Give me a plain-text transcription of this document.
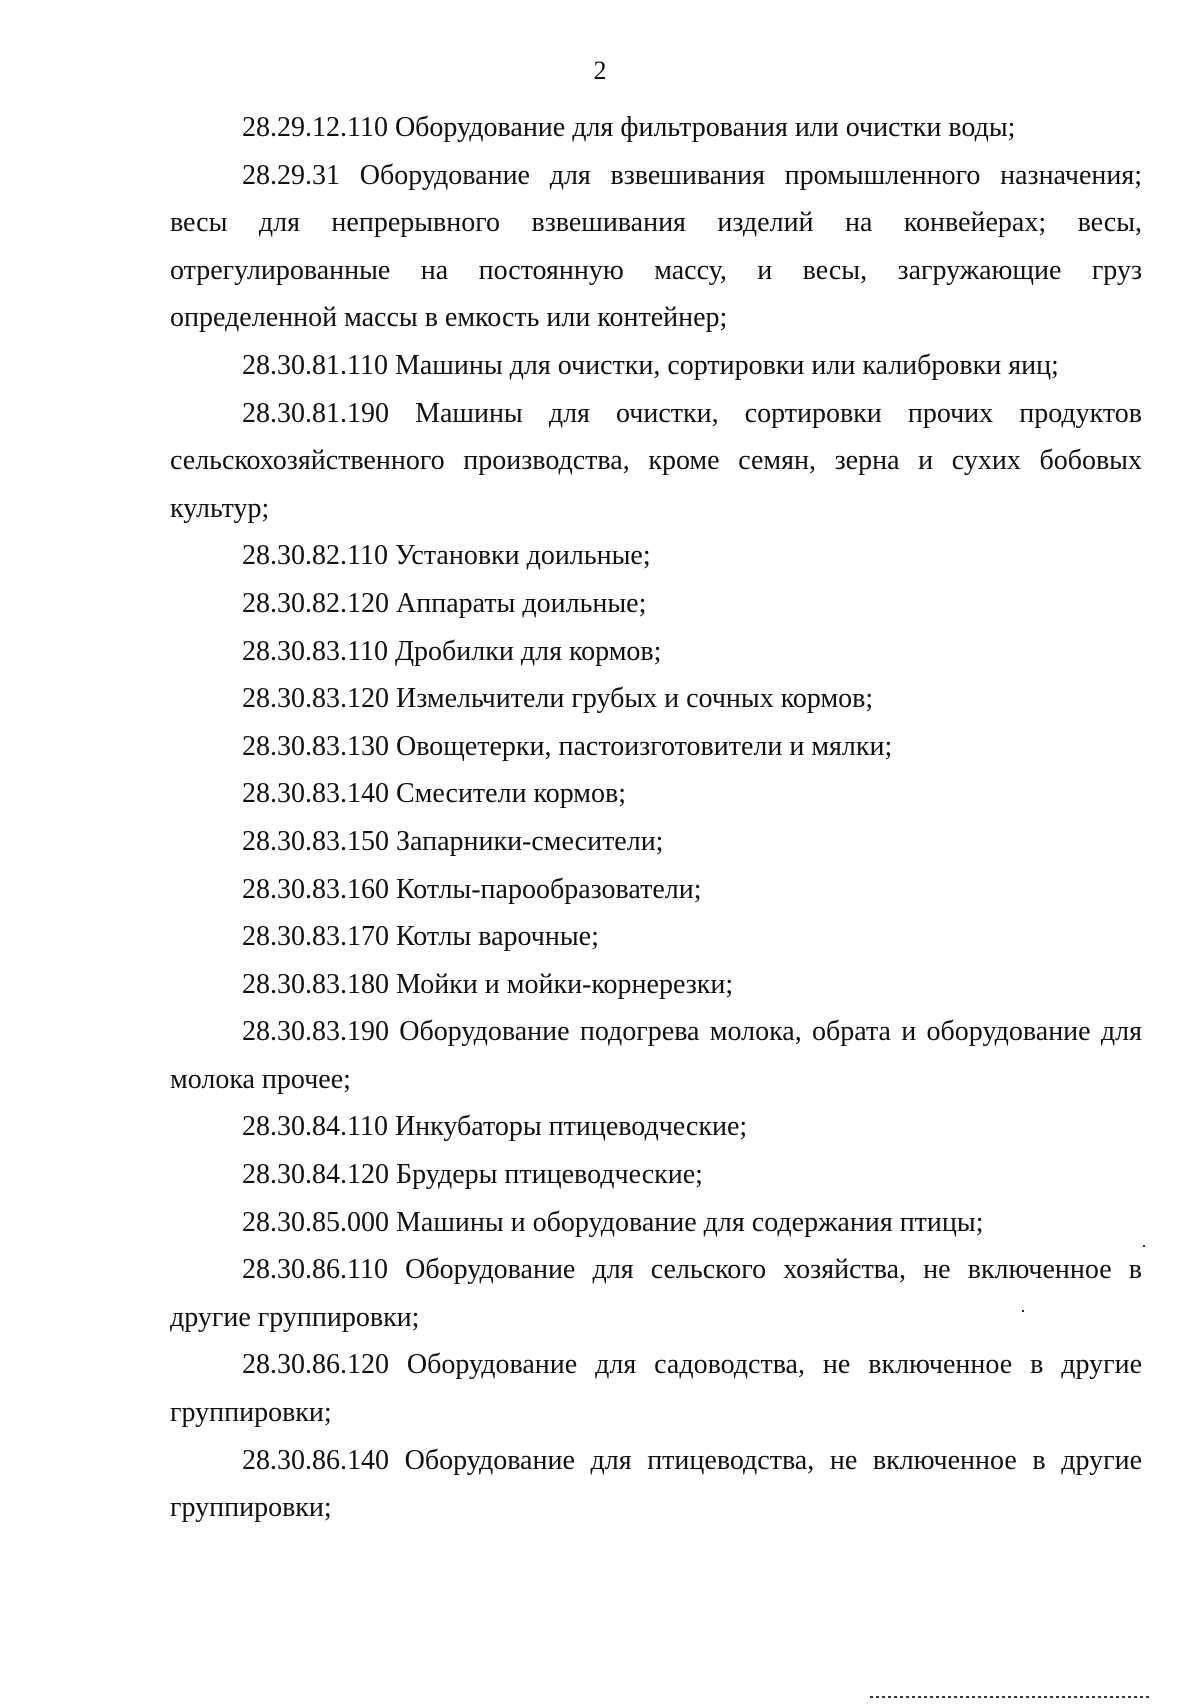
2

28.29.12.110 Оборудование для фильтрования или очистки воды;

28.29.31 Оборудование для взвешивания промышленного назначения; весы для непрерывного взвешивания изделий на конвейерах; весы, отрегулированные на постоянную массу, и весы, загружающие груз определенной массы в емкость или контейнер;

28.30.81.110 Машины для очистки, сортировки или калибровки яиц;

28.30.81.190 Машины для очистки, сортировки прочих продуктов сельскохозяйственного производства, кроме семян, зерна и сухих бобовых культур;

28.30.82.110 Установки доильные;

28.30.82.120 Аппараты доильные;

28.30.83.110 Дробилки для кормов;

28.30.83.120 Измельчители грубых и сочных кормов;

28.30.83.130 Овощетерки, пастоизготовители и мялки;

28.30.83.140 Смесители кормов;

28.30.83.150 Запарники-смесители;

28.30.83.160 Котлы-парообразователи;

28.30.83.170 Котлы варочные;

28.30.83.180 Мойки и мойки-корнерезки;

28.30.83.190 Оборудование подогрева молока, обрата и оборудование для молока прочее;

28.30.84.110 Инкубаторы птицеводческие;

28.30.84.120 Брудеры птицеводческие;

28.30.85.000 Машины и оборудование для содержания птицы;

28.30.86.110 Оборудование для сельского хозяйства, не включенное в другие группировки;

28.30.86.120 Оборудование для садоводства, не включенное в другие группировки;

28.30.86.140 Оборудование для птицеводства, не включенное в другие группировки;
